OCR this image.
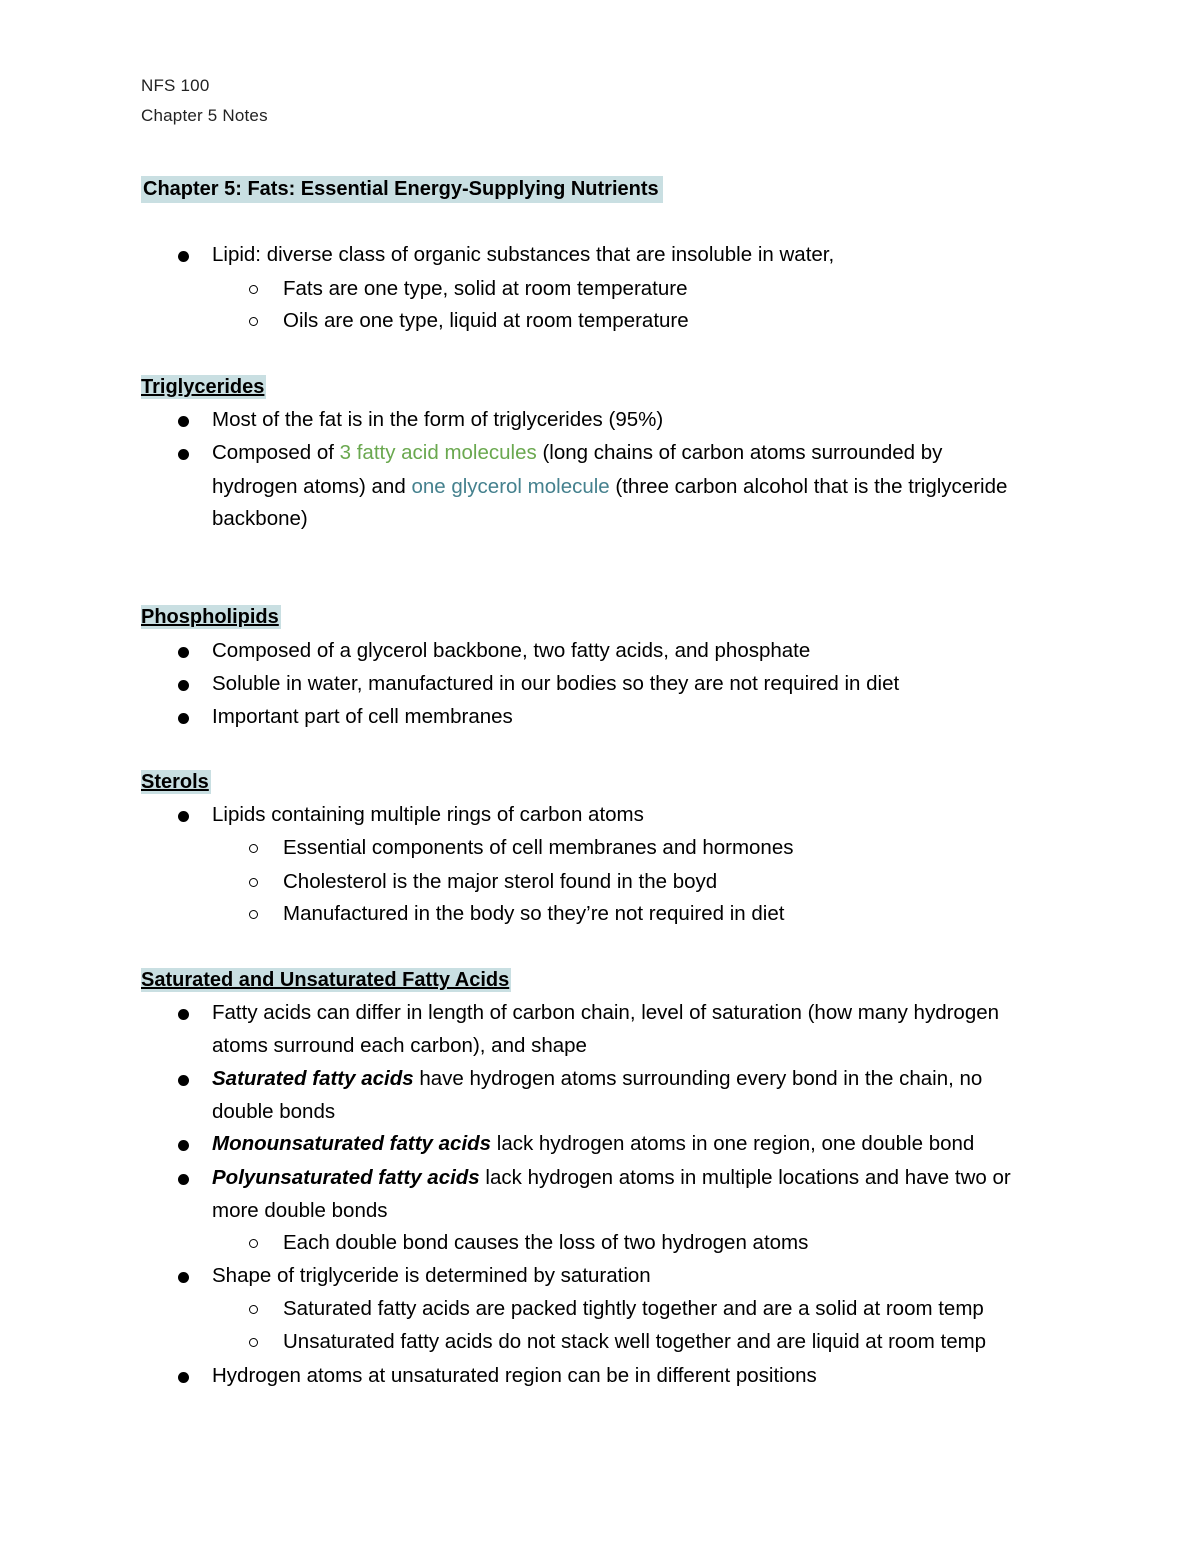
NFS 100
Chapter 5 Notes
Chapter 5: Fats: Essential Energy-Supplying Nutrients
Lipid: diverse class of organic substances that are insoluble in water,
Fats are one type, solid at room temperature
Oils are one type, liquid at room temperature
Triglycerides
Most of the fat is in the form of triglycerides (95%)
Composed of 3 fatty acid molecules (long chains of carbon atoms surrounded by
hydrogen atoms) and one glycerol molecule (three carbon alcohol that is the triglyceride
backbone)
Phospholipids
Composed of a glycerol backbone, two fatty acids, and phosphate
Soluble in water, manufactured in our bodies so they are not required in diet
Important part of cell membranes
Sterols
Lipids containing multiple rings of carbon atoms
Essential components of cell membranes and hormones
Cholesterol is the major sterol found in the boyd
Manufactured in the body so they’re not required in diet
Saturated and Unsaturated Fatty Acids
Fatty acids can differ in length of carbon chain, level of saturation (how many hydrogen
atoms surround each carbon), and shape
Saturated fatty acids have hydrogen atoms surrounding every bond in the chain, no
double bonds
Monounsaturated fatty acids lack hydrogen atoms in one region, one double bond
Polyunsaturated fatty acids lack hydrogen atoms in multiple locations and have two or
more double bonds
Each double bond causes the loss of two hydrogen atoms
Shape of triglyceride is determined by saturation
Saturated fatty acids are packed tightly together and are a solid at room temp
Unsaturated fatty acids do not stack well together and are liquid at room temp
Hydrogen atoms at unsaturated region can be in different positions
